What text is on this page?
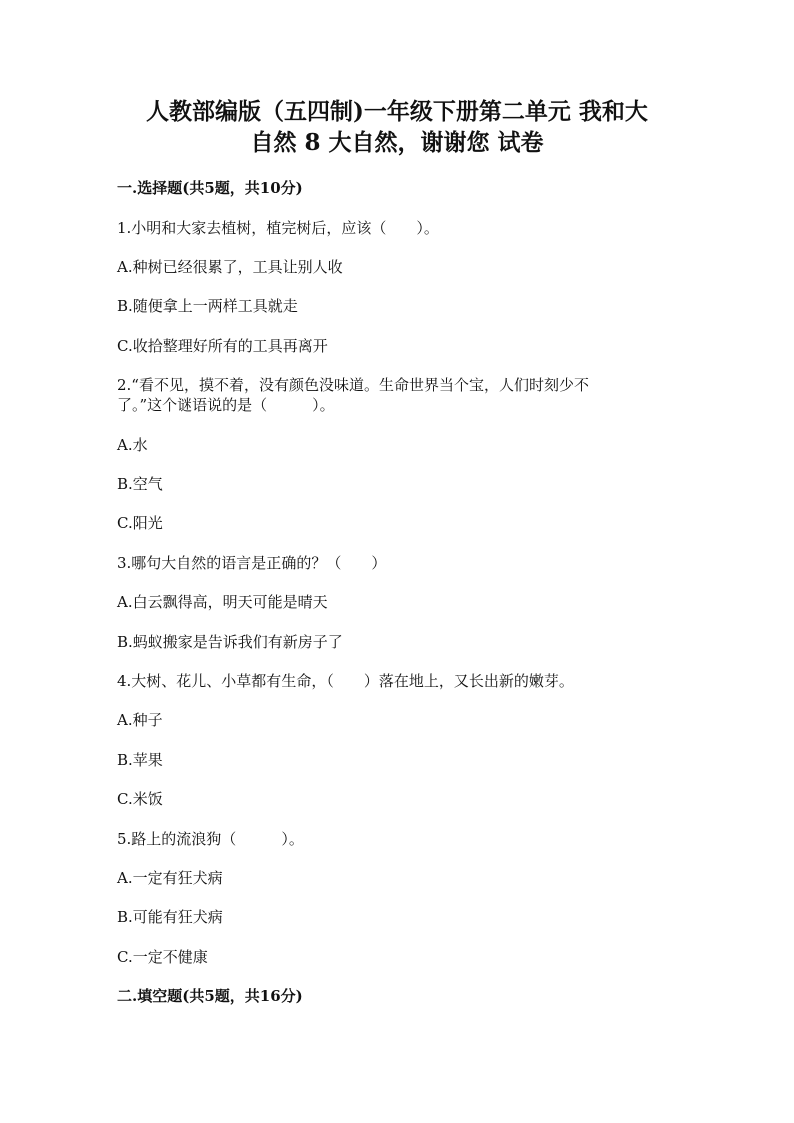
人教部编版（五四制)一年级下册第二单元 我和大
自然 8 大自然，谢谢您 试卷
一.选择题(共5题，共10分)
1.小明和大家去植树，植完树后，应该（　　）。
A.种树已经很累了，工具让别人收
B.随便拿上一两样工具就走
C.收拾整理好所有的工具再离开
2.“看不见，摸不着，没有颜色没味道。生命世界当个宝，人们时刻少不
了。”这个谜语说的是（　　　）。
A.水
B.空气
C.阳光
3.哪句大自然的语言是正确的？（　　）
A.白云飘得高，明天可能是晴天
B.蚂蚁搬家是告诉我们有新房子了
4.大树、花儿、小草都有生命，（　　）落在地上，又长出新的嫩芽。
A.种子
B.苹果
C.米饭
5.路上的流浪狗（　　　）。
A.一定有狂犬病
B.可能有狂犬病
C.一定不健康
二.填空题(共5题，共16分)
